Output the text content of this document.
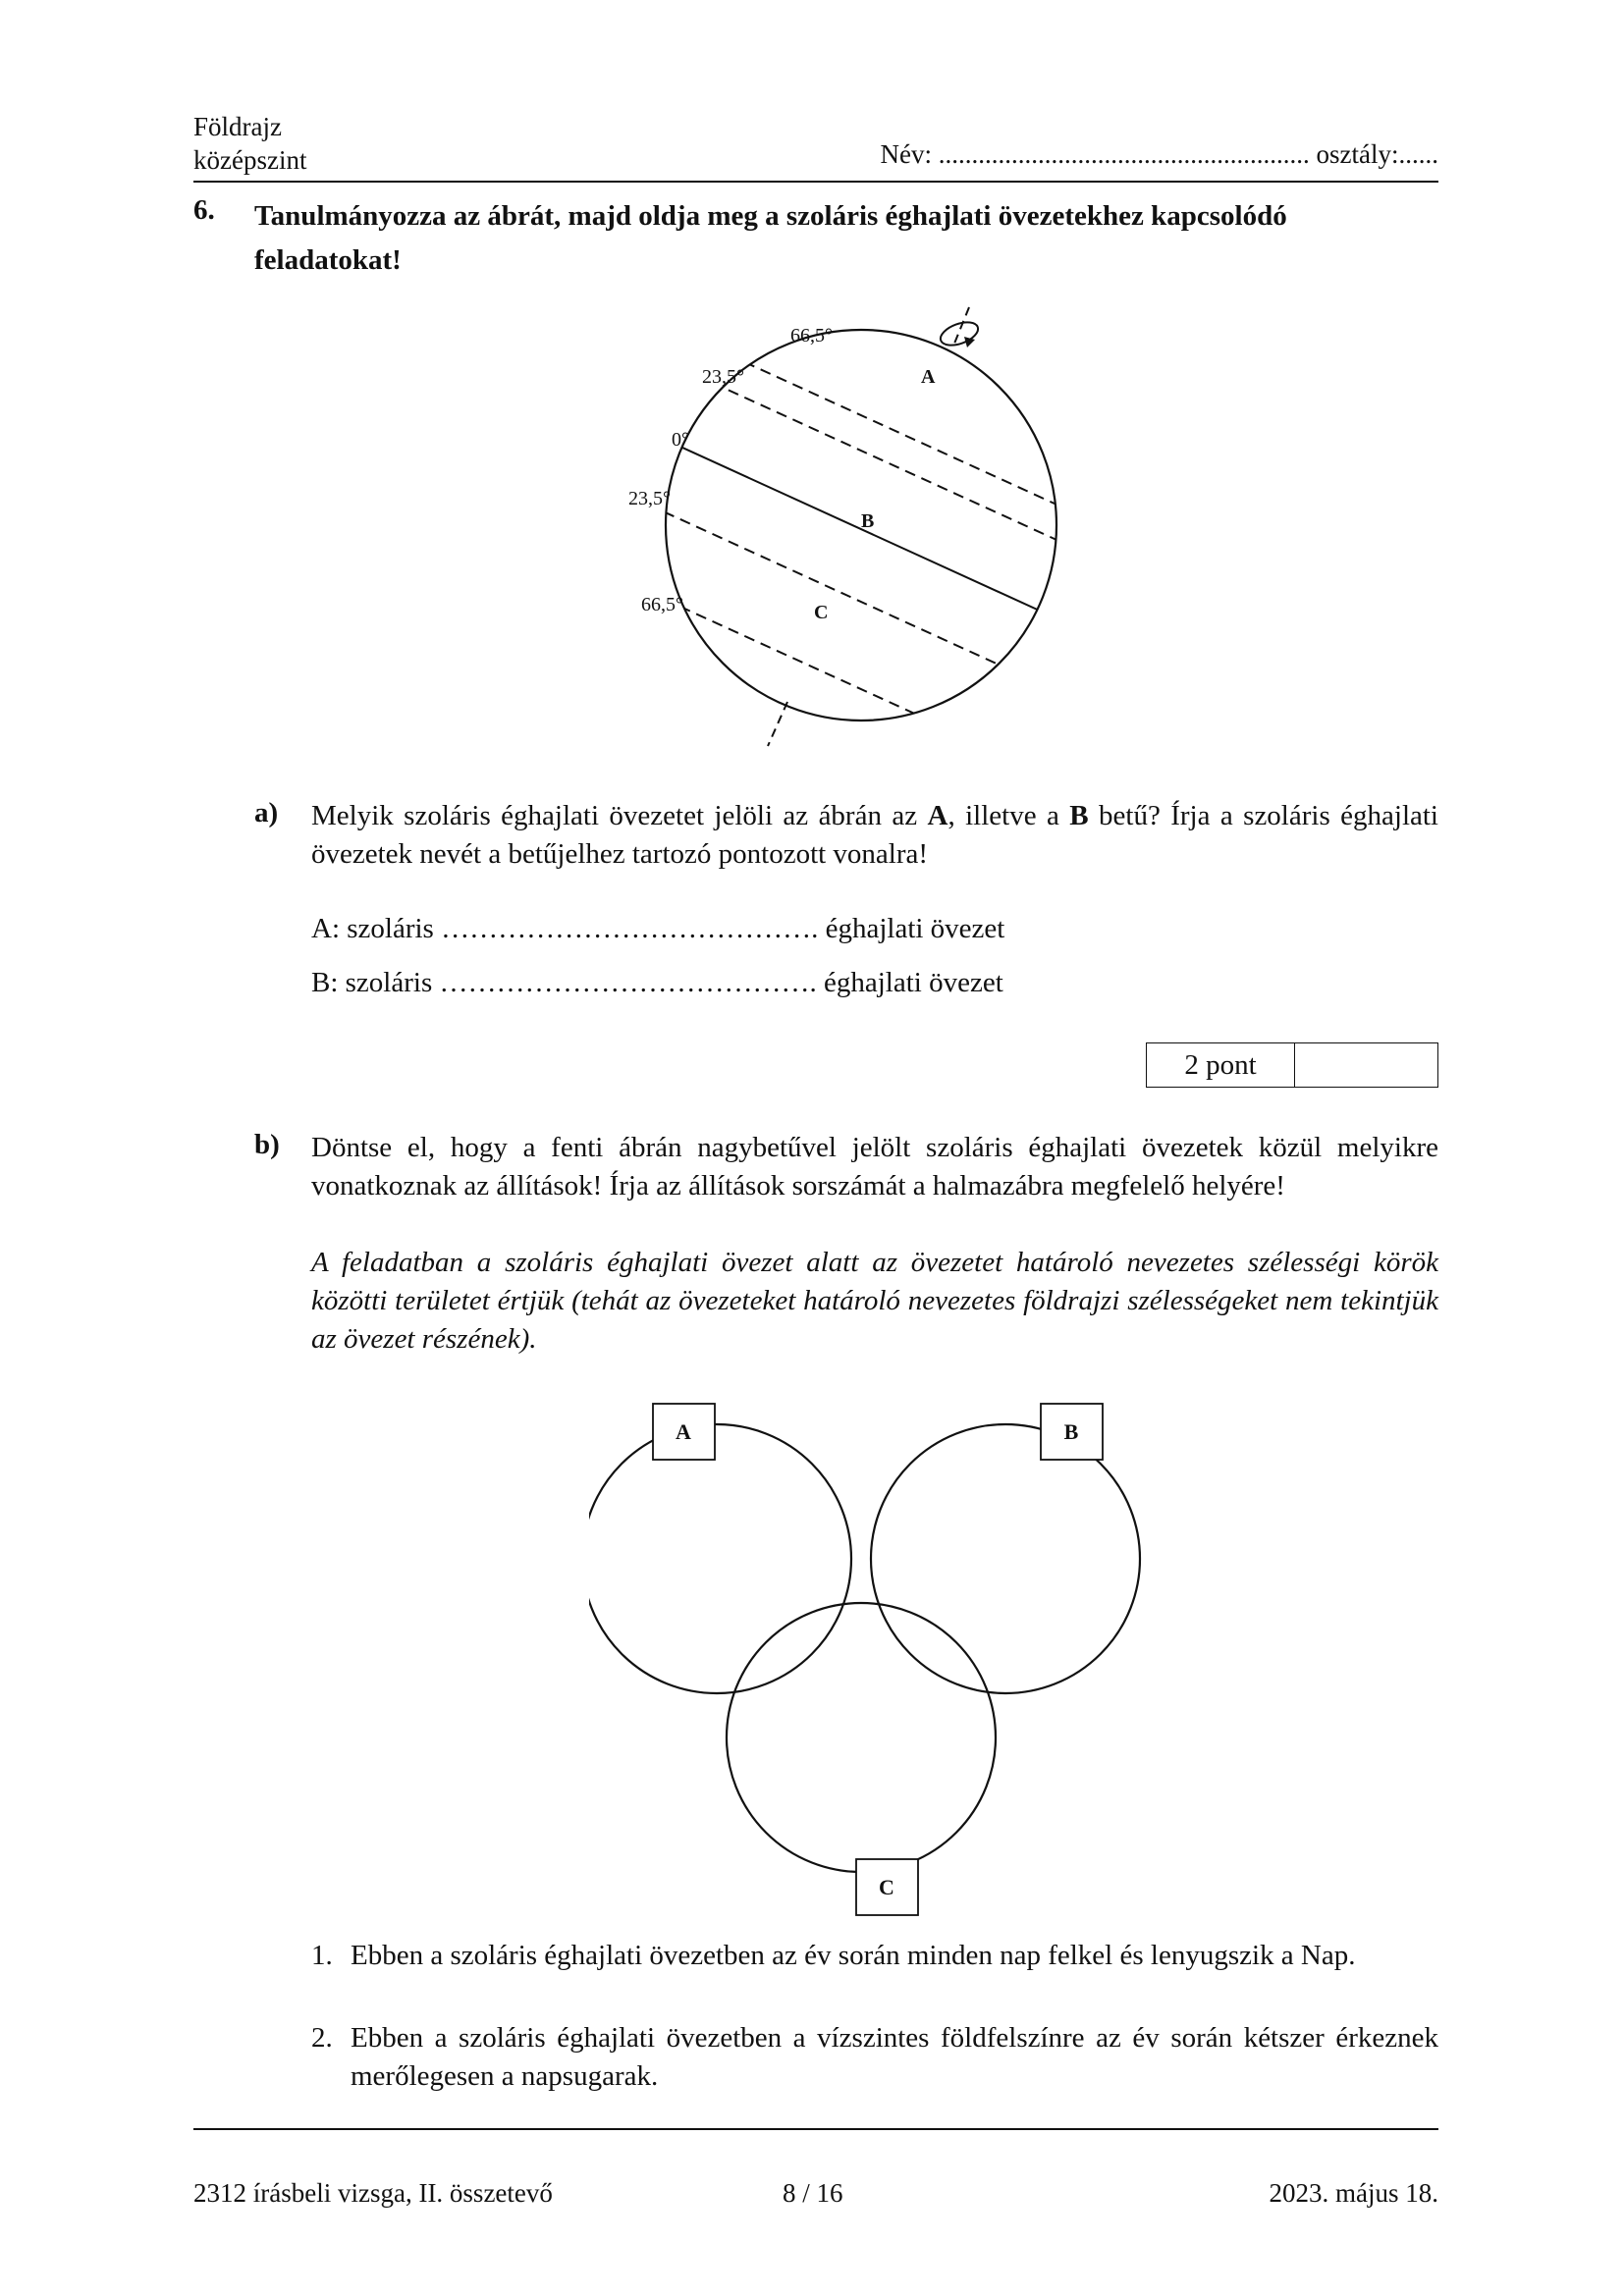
Földrajz
középszint	Név: ........................................................ osztály:......
6. Tanulmányozza az ábrát, majd oldja meg a szoláris éghajlati övezetekhez kapcsolódó feladatokat!
66,5°
23,5°
0°
23,5°
66,5°
A
B
C
a) Melyik szoláris éghajlati övezetet jelöli az ábrán az A, illetve a B betű? Írja a szoláris éghajlati övezetek nevét a betűjelhez tartozó pontozott vonalra!
A: szoláris …………………………………. éghajlati övezet
B: szoláris …………………………………. éghajlati övezet
2 pont
b) Döntse el, hogy a fenti ábrán nagybetűvel jelölt szoláris éghajlati övezetek közül melyikre vonatkoznak az állítások! Írja az állítások sorszámát a halmazábra megfelelő helyére!
A feladatban a szoláris éghajlati övezet alatt az övezetet határoló nevezetes szélességi körök közötti területet értjük (tehát az övezeteket határoló nevezetes földrajzi szélességeket nem tekintjük az övezet részének).
A	B
C
1. Ebben a szoláris éghajlati övezetben az év során minden nap felkel és lenyugszik a Nap.
2. Ebben a szoláris éghajlati övezetben a vízszintes földfelszínre az év során kétszer érkeznek merőlegesen a napsugarak.
2312 írásbeli vizsga, II. összetevő	8 / 16	2023. május 18.
